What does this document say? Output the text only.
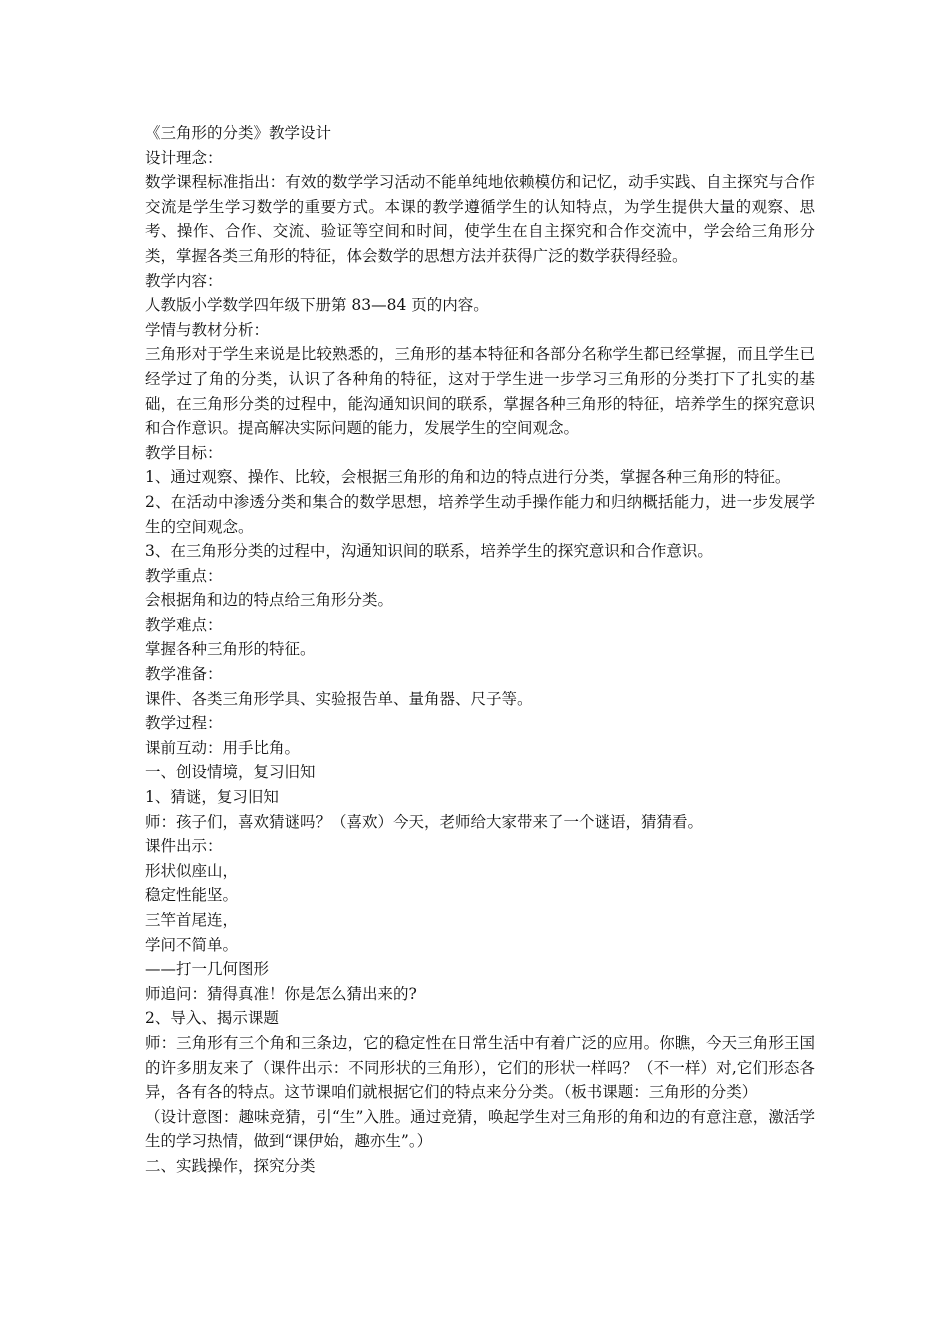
《三角形的分类》教学设计
设计理念：
数学课程标准指出：有效的数学学习活动不能单纯地依赖模仿和记忆，动手实践、自主探究与合作交流是学生学习数学的重要方式。本课的教学遵循学生的认知特点，为学生提供大量的观察、思考、操作、合作、交流、验证等空间和时间，使学生在自主探究和合作交流中，学会给三角形分类，掌握各类三角形的特征，体会数学的思想方法并获得广泛的数学获得经验。
教学内容：
人教版小学数学四年级下册第 83—84 页的内容。
学情与教材分析：
三角形对于学生来说是比较熟悉的，三角形的基本特征和各部分名称学生都已经掌握，而且学生已经学过了角的分类，认识了各种角的特征，这对于学生进一步学习三角形的分类打下了扎实的基础，在三角形分类的过程中，能沟通知识间的联系，掌握各种三角形的特征，培养学生的探究意识和合作意识。提高解决实际问题的能力，发展学生的空间观念。
教学目标：
1、通过观察、操作、比较，会根据三角形的角和边的特点进行分类，掌握各种三角形的特征。
2、在活动中渗透分类和集合的数学思想，培养学生动手操作能力和归纳概括能力，进一步发展学生的空间观念。
3、在三角形分类的过程中，沟通知识间的联系，培养学生的探究意识和合作意识。
教学重点：
会根据角和边的特点给三角形分类。
教学难点：
掌握各种三角形的特征。
教学准备：
课件、各类三角形学具、实验报告单、量角器、尺子等。
教学过程：
课前互动：用手比角。
一、创设情境，复习旧知
1、猜谜，复习旧知
师：孩子们，喜欢猜谜吗？（喜欢）今天，老师给大家带来了一个谜语，猜猜看。
课件出示：
形状似座山，
稳定性能坚。
三竿首尾连，
学问不简单。
——打一几何图形
师追问：猜得真准！你是怎么猜出来的?
2、导入、揭示课题
师：三角形有三个角和三条边，它的稳定性在日常生活中有着广泛的应用。你瞧，今天三角形王国的许多朋友来了（课件出示：不同形状的三角形），它们的形状一样吗？（不一样）对,它们形态各异，各有各的特点。这节课咱们就根据它们的特点来分分类。（板书课题：三角形的分类）
（设计意图：趣味竞猜，引“生”入胜。通过竞猜，唤起学生对三角形的角和边的有意注意，激活学生的学习热情，做到“课伊始，趣亦生”。）
二、实践操作，探究分类
